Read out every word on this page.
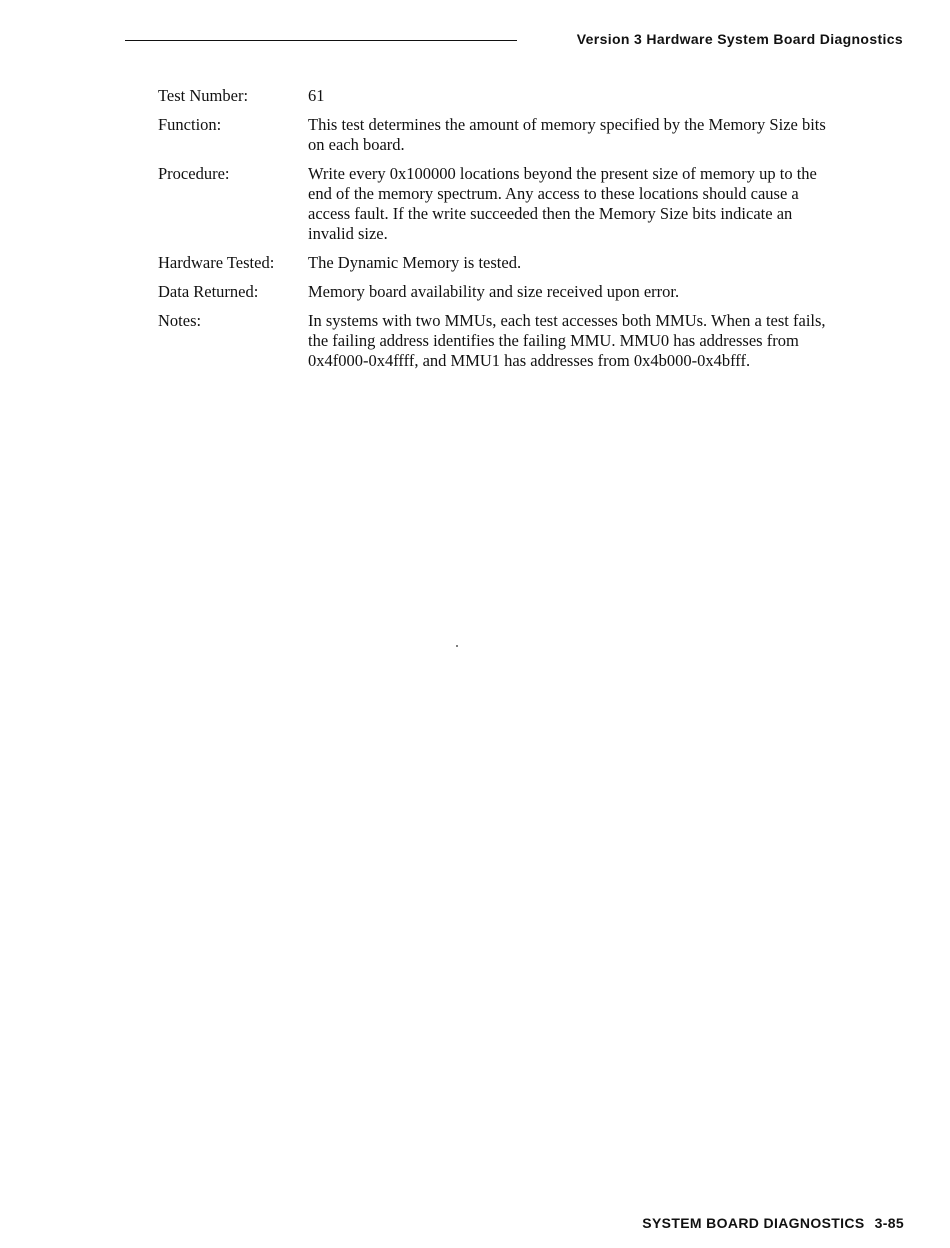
Version 3 Hardware System Board Diagnostics
Test Number:	61
Function:	This test determines the amount of memory specified by the Memory Size bits
on each board.
Procedure:	Write every 0x100000 locations beyond the present size of memory up to the
end of the memory spectrum. Any access to these locations should cause a
access fault. If the write succeeded then the Memory Size bits indicate an
invalid size.
Hardware Tested:	The Dynamic Memory is tested.
Data Returned:	Memory board availability and size received upon error.
Notes:	In systems with two MMUs, each test accesses both MMUs. When a test fails,
the failing address identifies the failing MMU. MMU0 has addresses from
0x4f000-0x4ffff, and MMU1 has addresses from 0x4b000-0x4bfff.
SYSTEM BOARD DIAGNOSTICS 3-85
